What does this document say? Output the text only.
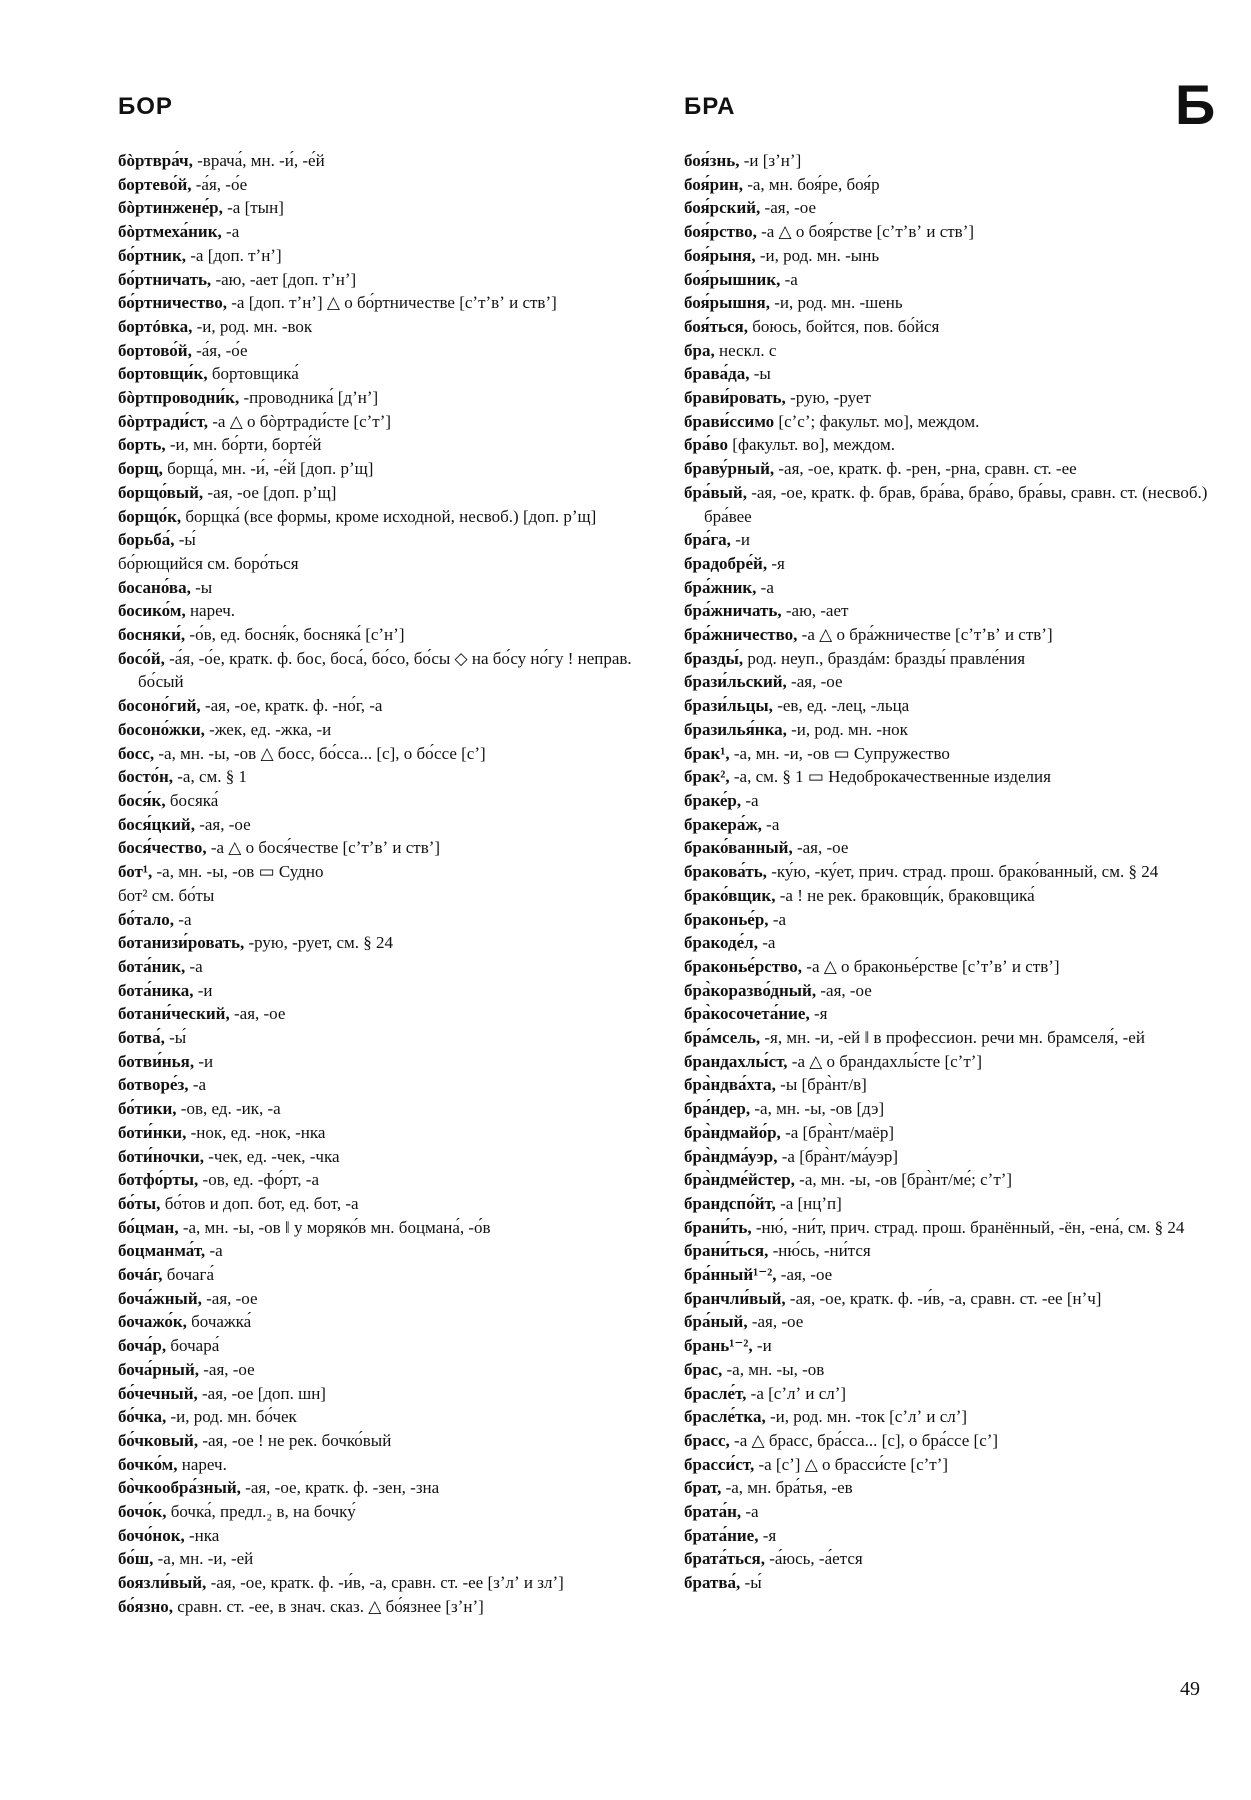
БОР	БРА	Б
бòртвра́ч, -врача́, мн. -и́, -е́й
бортево́й, -а́я, -о́е
бòртинжене́р, -а [тын]
бòртмеха́ник, -а
бо́ртник, -а [доп. тʼнʼ]
бо́ртничать, -аю, -ает [доп. тʼнʼ]
бо́ртничество, -а [доп. тʼнʼ] △ о бо́ртничестве [сʼтʼвʼ и ствʼ]
бортóвка, -и, род. мн. -вок
бортово́й, -а́я, -о́е
бортовщи́к, бортовщика́
бòртпроводни́к, -проводника́ [дʼнʼ]
бòртради́ст, -а △ о бòртради́сте [сʼтʼ]
борть, -и, мн. бо́рти, борте́й
борщ, борща́, мн. -и́, -е́й [доп. рʼщ]
борщо́вый, -ая, -ое [доп. рʼщ]
борщо́к, борщка́ (все формы, кроме исходной, несвоб.) [доп. рʼщ]
борьба́, -ы́
бо́рющийся см. боро́ться
босано́ва, -ы
босико́м, нареч.
босняки́, -о́в, ед. босня́к, босняка́ [сʼнʼ]
босо́й, -а́я, -о́е, кратк. ф. бос, боса́, бо́со, бо́сы ◇ на бо́су но́гу ! неправ. бо́сый
босоно́гий, -ая, -ое, кратк. ф. -но́г, -а
босоно́жки, -жек, ед. -жка, -и
босс, -а, мн. -ы, -ов △ босс, бо́сса... [с], о бо́ссе [сʼ]
босто́н, -а, см. § 1
бося́к, босяка́
бося́цкий, -ая, -ое
бося́чество, -а △ о бося́честве [сʼтʼвʼ и ствʼ]
бот¹, -а, мн. -ы, -ов ▭ Судно
бот² см. бо́ты
бо́тало, -а
ботанизи́ровать, -рую, -рует, см. § 24
бота́ник, -а
бота́ника, -и
ботани́ческий, -ая, -ое
ботва́, -ы́
ботви́нья, -и
ботворе́з, -а
бо́тики, -ов, ед. -ик, -а
боти́нки, -нок, ед. -нок, -нка
боти́ночки, -чек, ед. -чек, -чка
ботфо́рты, -ов, ед. -фо́рт, -а
бо́ты, бо́тов и доп. бот, ед. бот, -а
бо́цман, -а, мн. -ы, -ов ‖ у моряко́в мн. боцмана́, -о́в
боцманма́т, -а
бочáг, бочага́
боча́жный, -ая, -ое
бочажо́к, бочажка́
боча́р, бочара́
боча́рный, -ая, -ое
бо́чечный, -ая, -ое [доп. шн]
бо́чка, -и, род. мн. бо́чек
бо́чковый, -ая, -ое ! не рек. бочко́вый
бочко́м, нареч.
бо̀чкообра́зный, -ая, -ое, кратк. ф. -зен, -зна
бочо́к, бочка́, предл.₂ в, на бочку́
бочо́нок, -нка
бо́ш, -а, мн. -и, -ей
боязли́вый, -ая, -ое, кратк. ф. -и́в, -а, сравн. ст. -ее [зʼлʼ и злʼ]
бо́язно, сравн. ст. -ее, в знач. сказ. △ бо́язнее [зʼнʼ]
боя́знь, -и [зʼнʼ]
боя́рин, -а, мн. боя́ре, боя́р
боя́рский, -ая, -ое
боя́рство, -а △ о боя́рстве [сʼтʼвʼ и ствʼ]
боя́рыня, -и, род. мн. -ынь
боя́рышник, -а
боя́рышня, -и, род. мн. -шень
боя́ться, боюсь, бойтся, пов. бо́йся
бра, нескл. с
брава́да, -ы
брави́ровать, -рую, -рует
брави́ссимо [сʼсʼ; факульт. мо], междом.
бра́во [факульт. во], междом.
браву́рный, -ая, -ое, кратк. ф. -рен, -рна, сравн. ст. -ее
бра́вый, -ая, -ое, кратк. ф. брав, бра́ва, бра́во, бра́вы, сравн. ст. (несвоб.) бра́вее
бра́га, -и
брадобре́й, -я
бра́жник, -а
бра́жничать, -аю, -ает
бра́жничество, -а △ о бра́жничестве [сʼтʼвʼ и ствʼ]
бразды́, род. неуп., браздáм: бразды́ правле́ния
брази́льский, -ая, -ое
брази́льцы, -ев, ед. -лец, -льца
бразилья́нка, -и, род. мн. -нок
брак¹, -а, мн. -и, -ов ▭ Супружество
брак², -а, см. § 1 ▭ Недоброкачественные изделия
браке́р, -а
бракера́ж, -а
брако́ванный, -ая, -ое
бракова́ть, -ку́ю, -ку́ет, прич. страд. прош. брако́ванный, см. § 24
брако́вщик, -а ! не рек. браковщи́к, браковщика́
браконье́р, -а
бракоде́л, -а
браконье́рство, -а △ о браконье́рстве [сʼтʼвʼ и ствʼ]
бра̀коразво́дный, -ая, -ое
бра̀косочета́ние, -я
бра́мсель, -я, мн. -и, -ей ‖ в профессион. речи мн. брамселя́, -ей
брандахлы́ст, -а △ о брандахлы́сте [сʼтʼ]
бра̀ндва́хта, -ы [бра̀нт/в]
бра́ндер, -а, мн. -ы, -ов [дэ]
бра̀ндмайо́р, -а [бра̀нт/маёр]
бра̀ндма́уэр, -а [бра̀нт/ма́уэр]
бра̀ндме́йстер, -а, мн. -ы, -ов [бра̀нт/ме́; сʼтʼ]
брандспо́йт, -а [нцʼп]
брани́ть, -ню́, -ни́т, прич. страд. прош. бранённый, -ён, -ена́, см. § 24
брани́ться, -ню́сь, -ни́тся
бра́нный¹⁻², -ая, -ое
бранчли́вый, -ая, -ое, кратк. ф. -и́в, -а, сравн. ст. -ее [нʼч]
бра́ный, -ая, -ое
брань¹⁻², -и
брас, -а, мн. -ы, -ов
брасле́т, -а [сʼлʼ и слʼ]
брасле́тка, -и, род. мн. -ток [сʼлʼ и слʼ]
брасс, -а △ брасс, бра́сса... [с], о бра́ссе [сʼ]
брасси́ст, -а [сʼ] △ о брасси́сте [сʼтʼ]
брат, -а, мн. бра́тья, -ев
брата́н, -а
брата́ние, -я
брата́ться, -а́юсь, -а́ется
братва́, -ы́
49
